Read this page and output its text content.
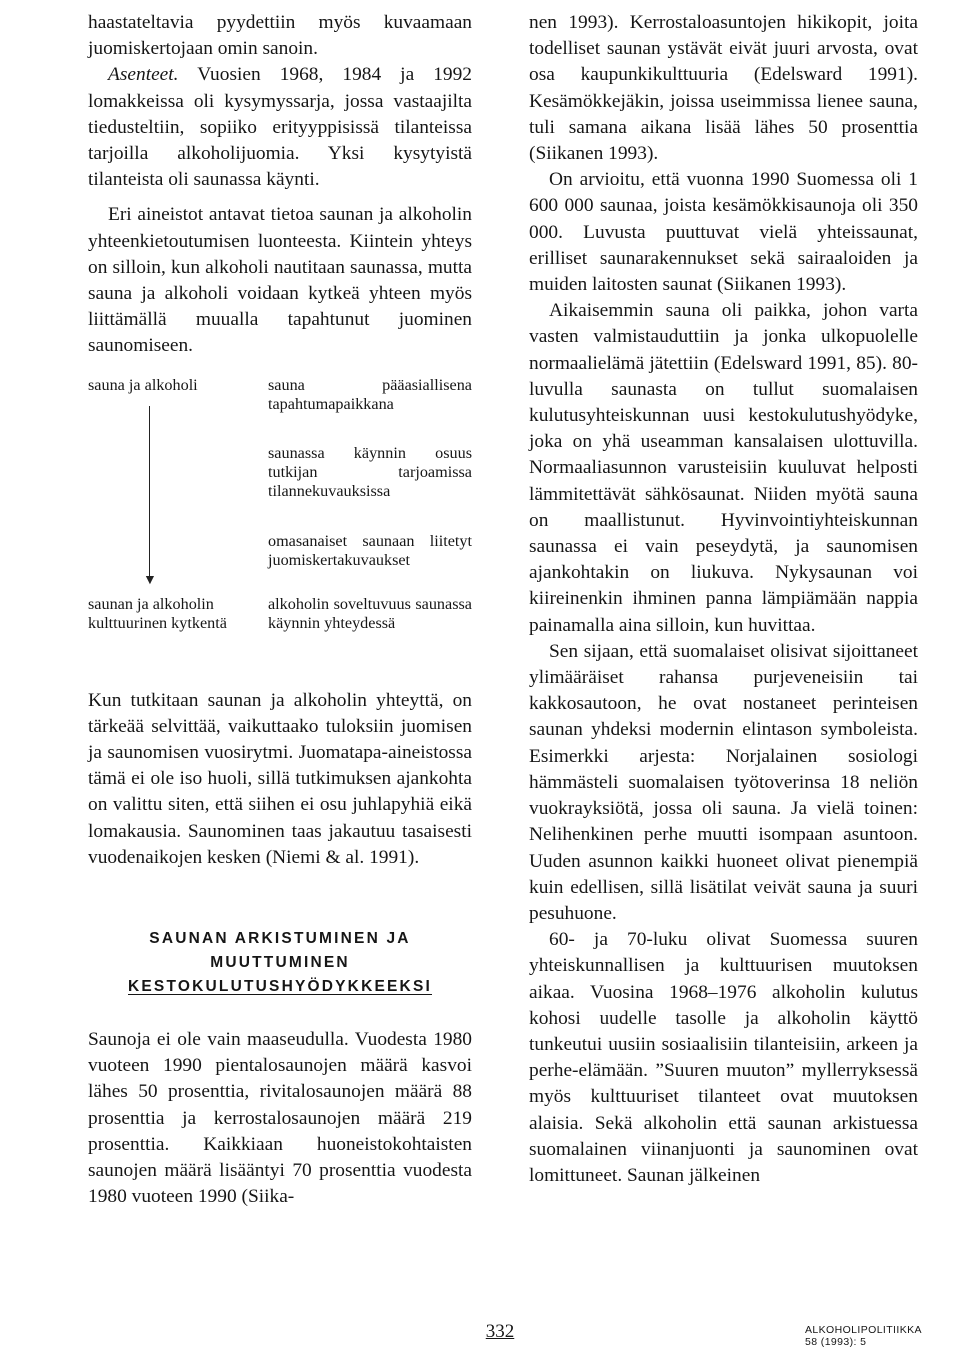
haastateltavia pyydettiin myös kuvaamaan juomiskertojaan omin sanoin.

Asenteet. Vuosien 1968, 1984 ja 1992 lomakkeissa oli kysymyssarja, jossa vastaajilta tiedusteltiin, sopiiko erityyppisissä tilanteissa tarjoilla alkoholijuomia. Yksi kysytyistä tilanteista oli saunassa käynti.

Eri aineistot antavat tietoa saunan ja alkoholin yhteenkietoutumisen luonteesta. Kiintein yhteys on silloin, kun alkoholi nautitaan saunassa, mutta sauna ja alkoholi voidaan kytkeä yhteen myös liittämällä muualla tapahtunut juominen saunomiseen.

sauna ja alkoholi
▼
saunan ja alkoholin
kulttuurinen kytkentä
sauna pääasiallisena tapahtumapaikkana
saunassa käynnin osuus tutkijan tarjoamissa tilannekuvauksissa
omasanaiset saunaan liitetyt juomiskertakuvaukset
alkoholin soveltuvuus saunassa käynnin yhteydessä

Kun tutkitaan saunan ja alkoholin yhteyttä, on tärkeää selvittää, vaikuttaako tuloksiin juomisen ja saunomisen vuosirytmi. Juomatapa-aineistossa tämä ei ole iso huoli, sillä tutkimuksen ajankohta on valittu siten, että siihen ei osu juhlapyhiä eikä lomakausia. Saunominen taas jakautuu tasaisesti vuodenaikojen kesken (Niemi & al. 1991).

SAUNAN ARKISTUMINEN JA
MUUTTUMINEN
KESTOKULUTUSHYÖDYKKEEKSI

Saunoja ei ole vain maaseudulla. Vuodesta 1980 vuoteen 1990 pientalosaunojen määrä kasvoi lähes 50 prosenttia, rivitalosaunojen määrä 88 prosenttia ja kerrostalosaunojen määrä 219 prosenttia. Kaikkiaan huoneistokohtaisten saunojen määrä lisääntyi 70 prosenttia vuodesta 1980 vuoteen 1990 (Siika-

nen 1993). Kerrostaloasuntojen hikikopit, joita todelliset saunan ystävät eivät juuri arvosta, ovat osa kaupunkikulttuuria (Edelsward 1991). Kesämökkejäkin, joissa useimmissa lienee sauna, tuli samana aikana lisää lähes 50 prosenttia (Siikanen 1993).

On arvioitu, että vuonna 1990 Suomessa oli 1 600 000 saunaa, joista kesämökkisaunoja oli 350 000. Luvusta puuttuvat vielä yhteissaunat, erilliset saunarakennukset sekä sairaaloiden ja muiden laitosten saunat (Siikanen 1993).

Aikaisemmin sauna oli paikka, johon varta vasten valmistauduttiin ja jonka ulkopuolelle normaalielämä jätettiin (Edelsward 1991, 85). 80-luvulla saunasta on tullut suomalaisen kulutusyhteiskunnan uusi kestokulutushyödyke, joka on yhä useamman kansalaisen ulottuvilla. Normaaliasunnon varusteisiin kuuluvat helposti lämmitettävät sähkösaunat. Niiden myötä sauna on maallistunut. Hyvinvointiyhteiskunnan saunassa ei vain peseydytä, ja saunomisen ajankohtakin on liukuva. Nykysaunan voi kiireinenkin ihminen panna lämpiämään nappia painamalla aina silloin, kun huvittaa.

Sen sijaan, että suomalaiset olisivat sijoittaneet ylimääräiset rahansa purjeveneisiin tai kakkosautoon, he ovat nostaneet perinteisen saunan yhdeksi modernin elintason symboleista. Esimerkki arjesta: Norjalainen sosiologi hämmästeli suomalaisen työtoverinsa 18 neliön vuokrayksiötä, jossa oli sauna. Ja vielä toinen: Nelihenkinen perhe muutti isompaan asuntoon. Uuden asunnon kaikki huoneet olivat pienempiä kuin edellisen, sillä lisätilat veivät sauna ja suuri pesuhuone.

60- ja 70-luku olivat Suomessa suuren yhteiskunnallisen ja kulttuurisen muutoksen aikaa. Vuosina 1968–1976 alkoholin kulutus kohosi uudelle tasolle ja alkoholin käyttö tunkeutui uusiin sosiaalisiin tilanteisiin, arkeen ja perhe-elämään. ”Suuren muuton” myllerryksessä myös kulttuuriset tilanteet ovat muutoksen alaisia. Sekä alkoholin että saunan arkistuessa suomalainen viinanjuonti ja saunominen ovat lomittuneet. Saunan jälkeinen

332	ALKOHOLIPOLITIIKKA
58 (1993): 5
